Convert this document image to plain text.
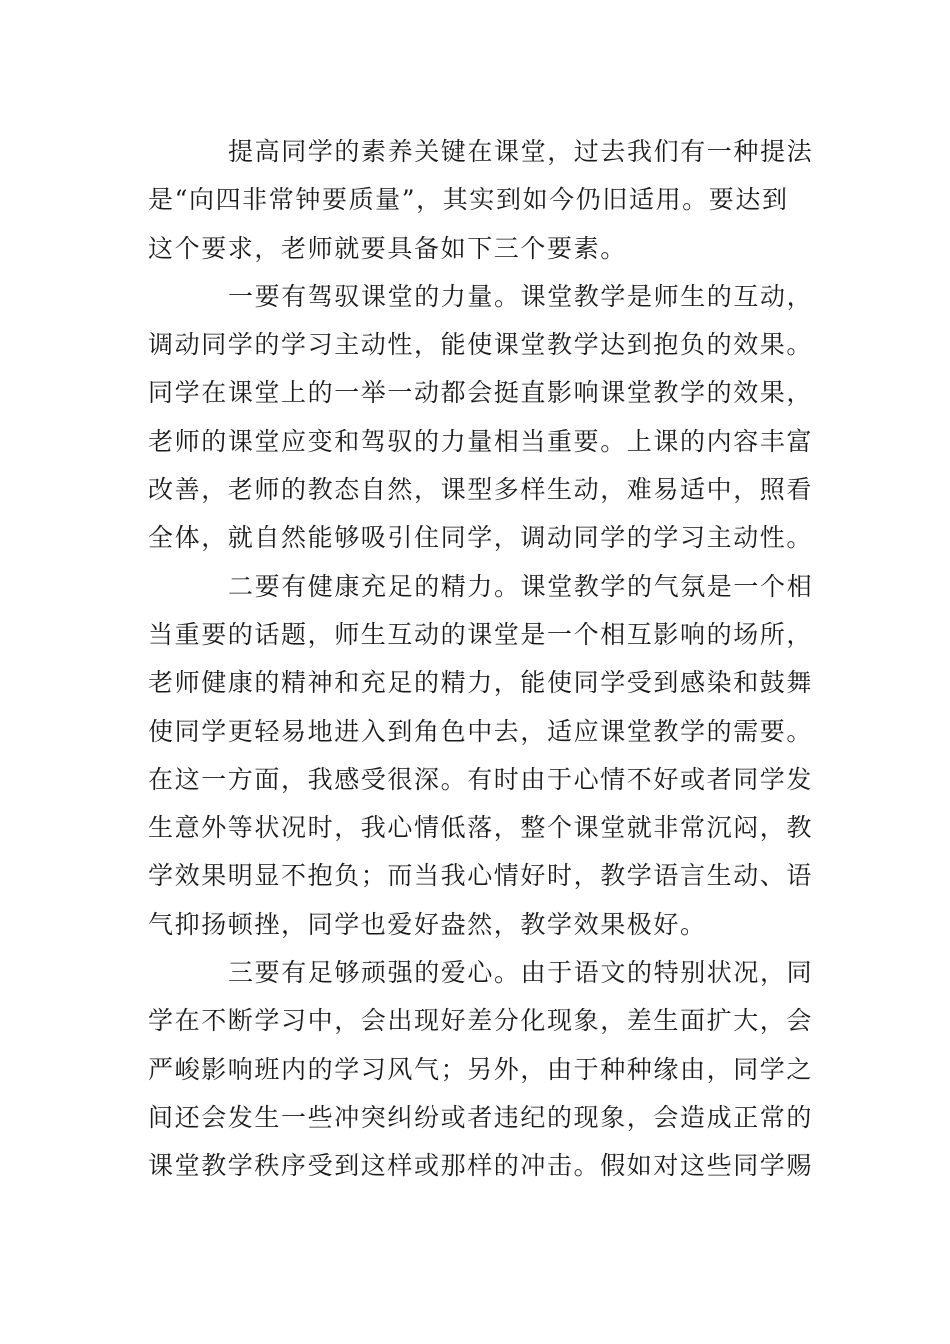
提高同学的素养关键在课堂，过去我们有一种提法
是“向四非常钟要质量”，其实到如今仍旧适用。要达到
这个要求，老师就要具备如下三个要素。
一要有驾驭课堂的力量。课堂教学是师生的互动，
调动同学的学习主动性，能使课堂教学达到抱负的效果。
同学在课堂上的一举一动都会挺直影响课堂教学的效果，
老师的课堂应变和驾驭的力量相当重要。上课的内容丰富
改善，老师的教态自然，课型多样生动，难易适中，照看
全体，就自然能够吸引住同学，调动同学的学习主动性。
二要有健康充足的精力。课堂教学的气氛是一个相
当重要的话题，师生互动的课堂是一个相互影响的场所，
老师健康的精神和充足的精力，能使同学受到感染和鼓舞
使同学更轻易地进入到角色中去，适应课堂教学的需要。
在这一方面，我感受很深。有时由于心情不好或者同学发
生意外等状况时，我心情低落，整个课堂就非常沉闷，教
学效果明显不抱负；而当我心情好时，教学语言生动、语
气抑扬顿挫，同学也爱好盎然，教学效果极好。
三要有足够顽强的爱心。由于语文的特别状况，同
学在不断学习中，会出现好差分化现象，差生面扩大，会
严峻影响班内的学习风气；另外，由于种种缘由，同学之
间还会发生一些冲突纠纷或者违纪的现象，会造成正常的
课堂教学秩序受到这样或那样的冲击。假如对这些同学赐
